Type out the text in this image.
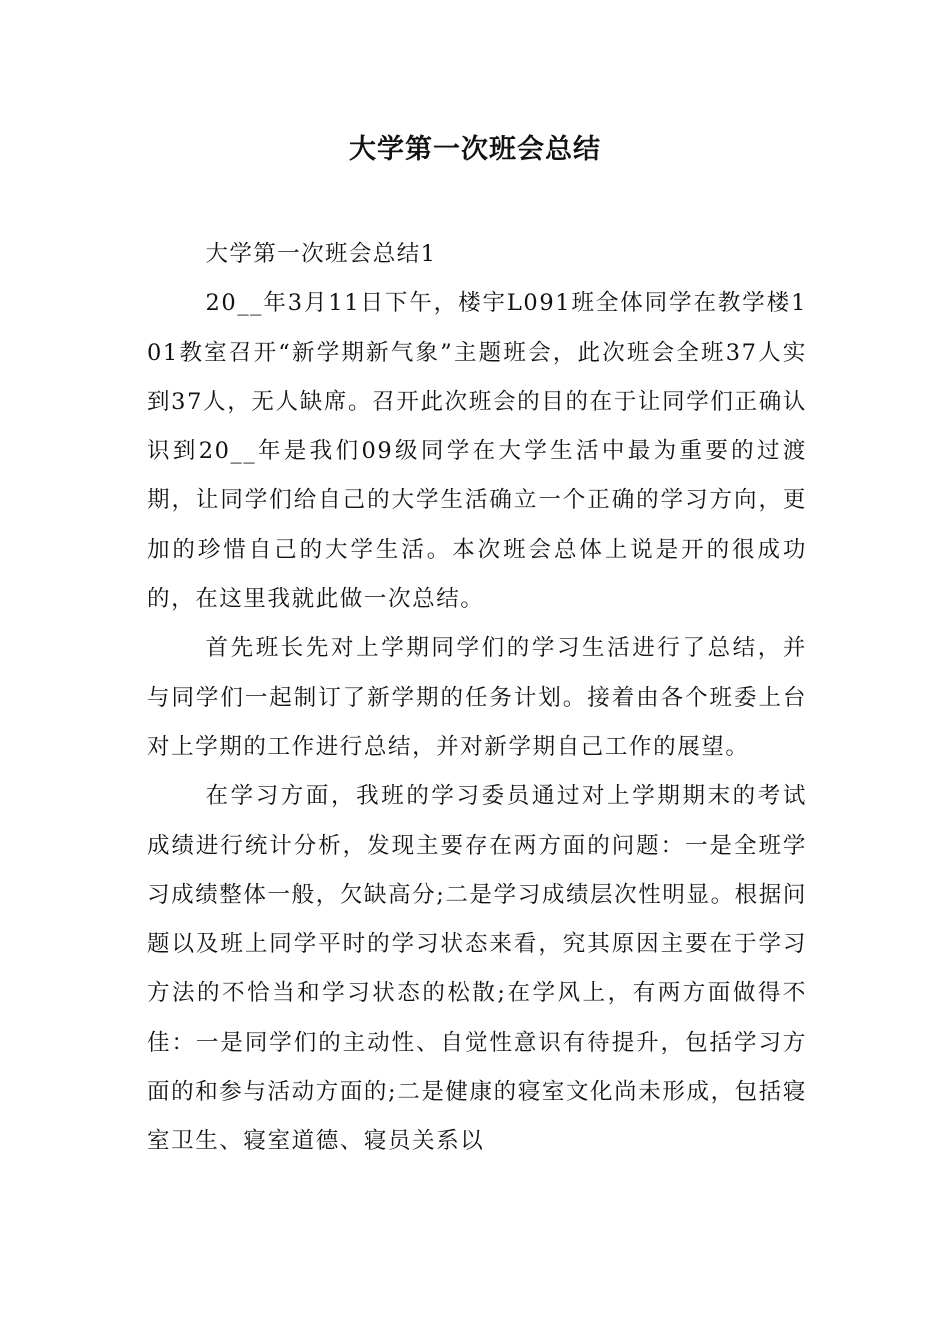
大学第一次班会总结

大学第一次班会总结1

20__年3月11日下午，楼宇L091班全体同学在教学楼101教室召开“新学期新气象”主题班会，此次班会全班37人实到37人，无人缺席。召开此次班会的目的在于让同学们正确认识到20__年是我们09级同学在大学生活中最为重要的过渡期，让同学们给自己的大学生活确立一个正确的学习方向，更加的珍惜自己的大学生活。本次班会总体上说是开的很成功的，在这里我就此做一次总结。

首先班长先对上学期同学们的学习生活进行了总结，并与同学们一起制订了新学期的任务计划。接着由各个班委上台对上学期的工作进行总结，并对新学期自己工作的展望。

在学习方面，我班的学习委员通过对上学期期末的考试成绩进行统计分析，发现主要存在两方面的问题：一是全班学习成绩整体一般，欠缺高分;二是学习成绩层次性明显。根据问题以及班上同学平时的学习状态来看，究其原因主要在于学习方法的不恰当和学习状态的松散;在学风上，有两方面做得不佳：一是同学们的主动性、自觉性意识有待提升，包括学习方面的和参与活动方面的;二是健康的寝室文化尚未形成，包括寝室卫生、寝室道德、寝员关系以
